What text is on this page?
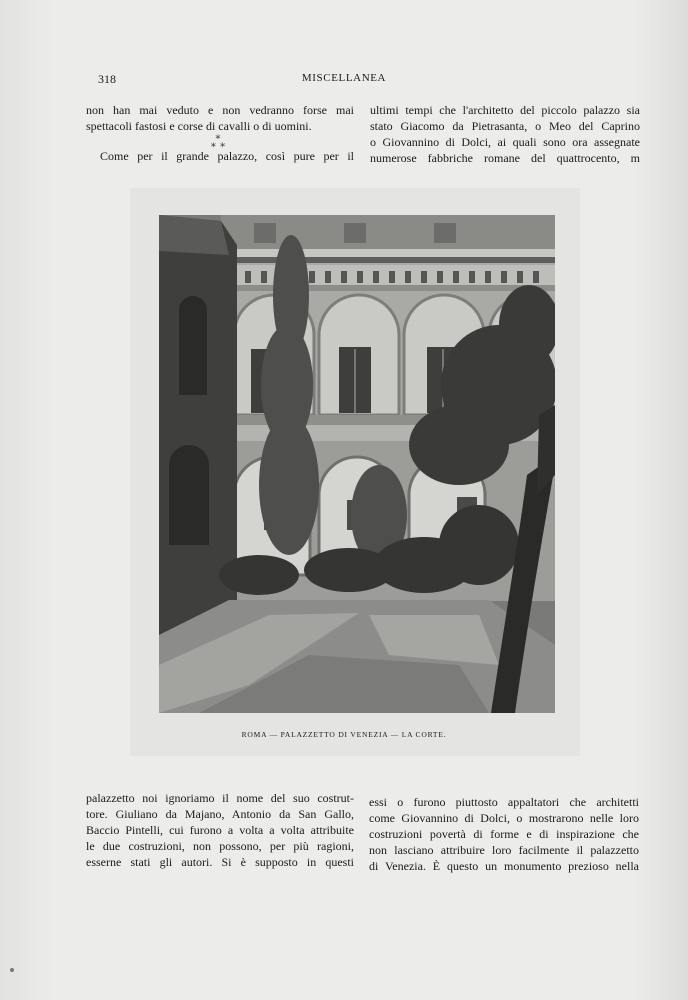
318	MISCELLANEA
non han mai veduto e non vedranno forse mai
spettacoli fastosi e corse di cavalli o di uomini.
Come per il grande palazzo, così pure per il
∗
∗ ∗
ultimi tempi che l'architetto del piccolo palazzo sia
stato Giacomo da Pietrasanta, o Meo del Caprino
o Giovannino di Dolci, ai quali sono ora assegnate
numerose fabbriche romane del quattrocento, m
ROMA — PALAZZETTO DI VENEZIA — LA CORTE.
palazzetto noi ignoriamo il nome del suo costrut-
tore. Giuliano da Majano, Antonio da San Gallo,
Baccio Pintelli, cui furono a volta a volta attribuite
le due costruzioni, non possono, per più ragioni,
esserne stati gli autori. Si è supposto in questi
essi o furono piuttosto appaltatori che architetti
come Giovannino di Dolci, o mostrarono nelle loro
costruzioni povertà di forme e di inspirazione che
non lasciano attribuire loro facilmente il palazzetto
di Venezia. È questo un monumento prezioso nella
